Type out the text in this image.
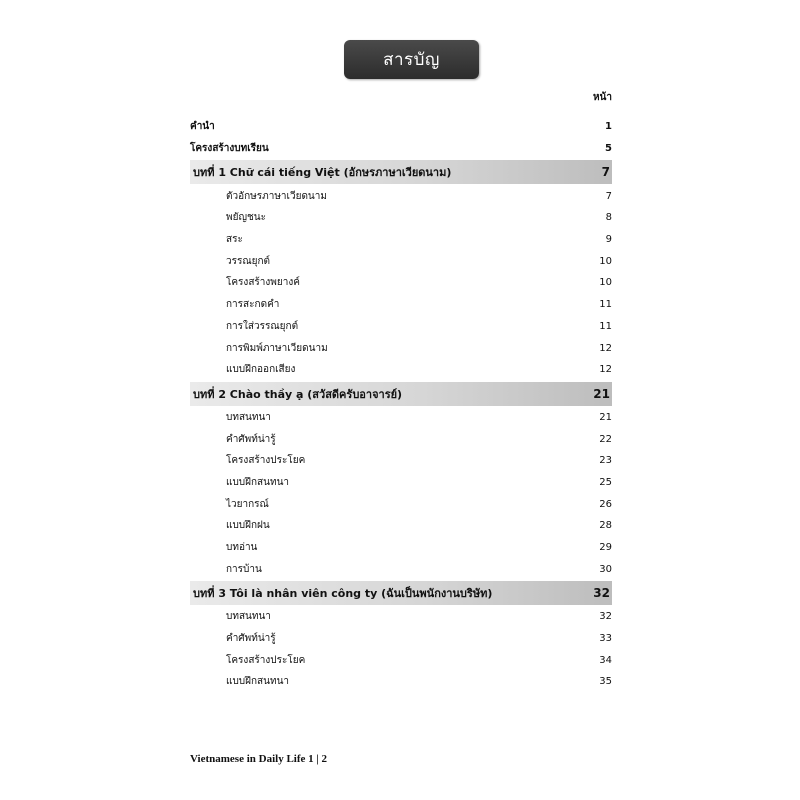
สารบัญ
หน้า
คำนำ	1
โครงสร้างบทเรียน	5
บทที่ 1 Chữ cái tiếng Việt (อักษรภาษาเวียดนาม)	7
ตัวอักษรภาษาเวียดนาม	7
พยัญชนะ	8
สระ	9
วรรณยุกต์	10
โครงสร้างพยางค์	10
การสะกดคำ	11
การใส่วรรณยุกต์	11
การพิมพ์ภาษาเวียดนาม	12
แบบฝึกออกเสียง	12
บทที่ 2 Chào thầy ạ (สวัสดีครับอาจารย์)	21
บทสนทนา	21
คำศัพท์น่ารู้	22
โครงสร้างประโยค	23
แบบฝึกสนทนา	25
ไวยากรณ์	26
แบบฝึกฝน	28
บทอ่าน	29
การบ้าน	30
บทที่ 3 Tôi là nhân viên công ty (ฉันเป็นพนักงานบริษัท)	32
บทสนทนา	32
คำศัพท์น่ารู้	33
โครงสร้างประโยค	34
แบบฝึกสนทนา	35
Vietnamese in Daily Life 1 | 2
